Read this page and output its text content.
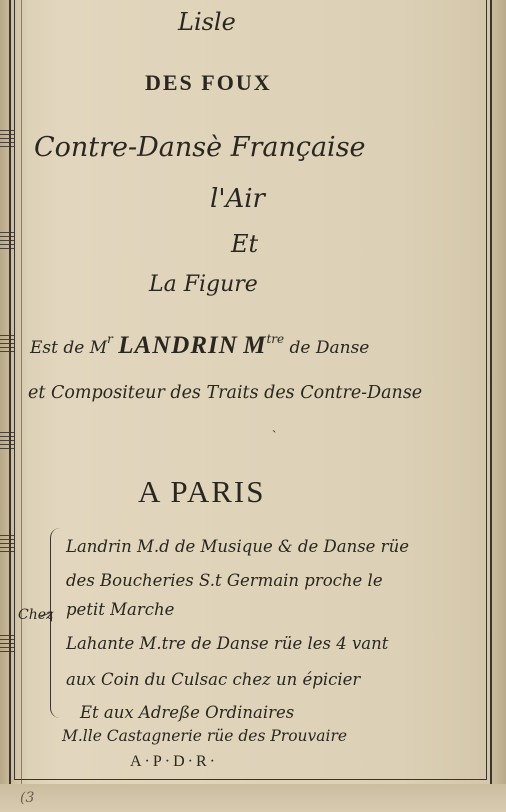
Lisle
DES FOUX
Contre-Dansè Française
l'Air
Et
La Figure
Est de $M^r$ LANDRIN $M^{tre}$ de Danse
et Compositeur des Traits des Contre-Danse
ˏ
A PARIS
Chez
Landrin M.d de Musique & de Danse rüe
des Boucheries S.t Germain proche le
petit Marche
Lahante M.tre de Danse rüe les 4 vant
aux Coin du Culsac chez un épicier
Et aux Adreße Ordinaires
M.lle Castagnerie rüe des Prouvaire
A·P·D·R·
(3
